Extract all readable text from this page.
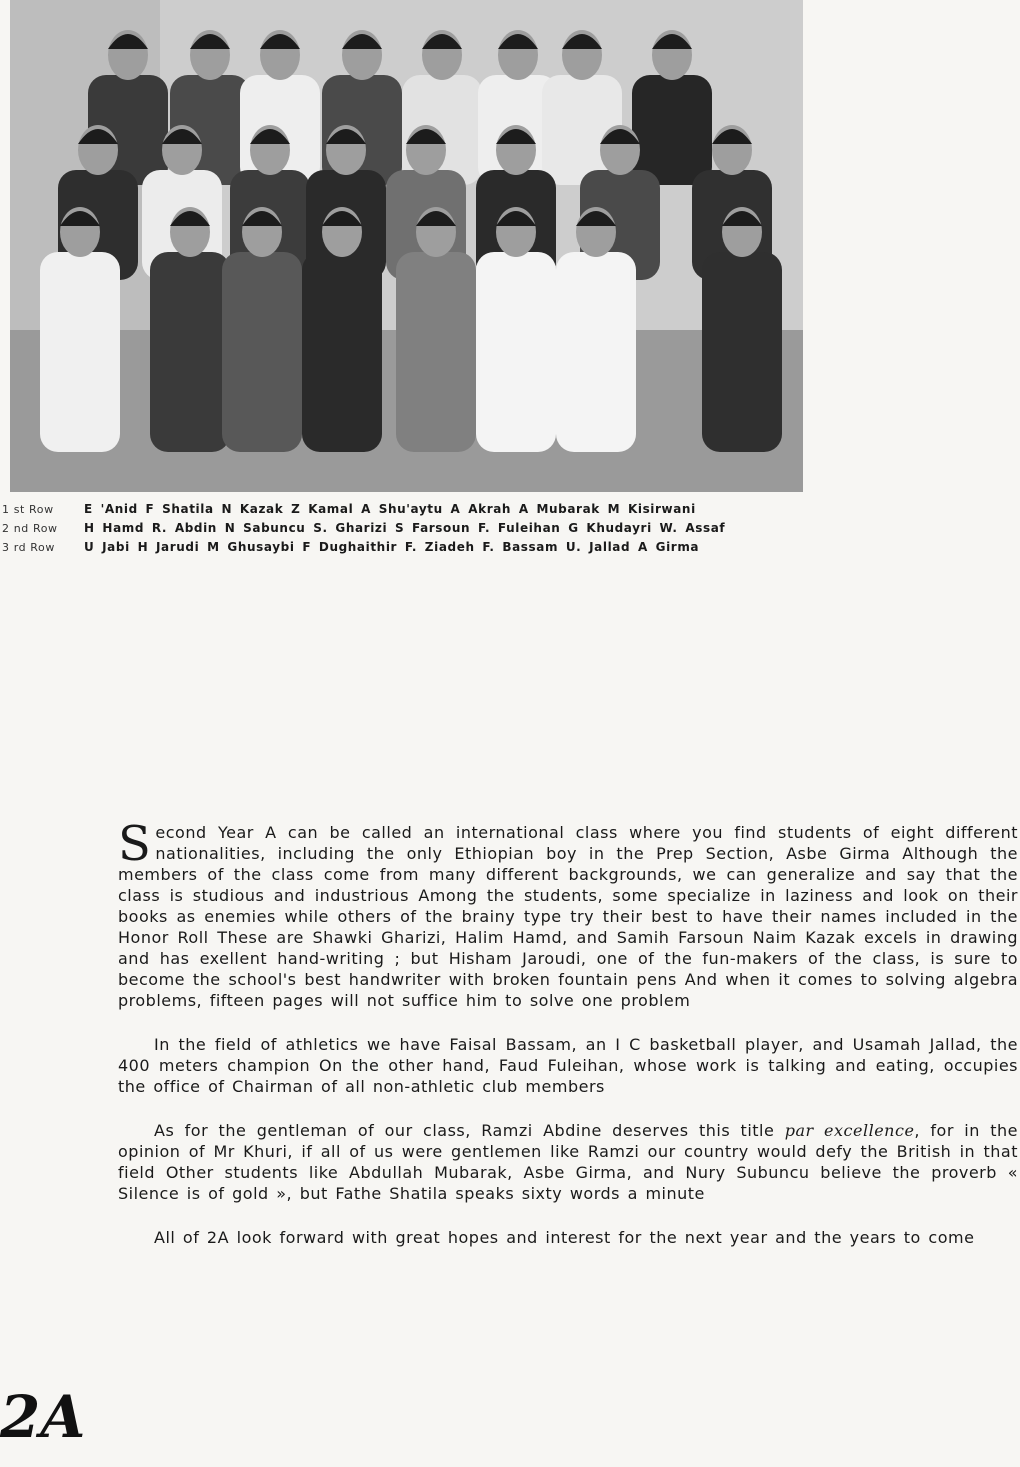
1 st Row	E 'Anid F Shatila N Kazak Z Kamal A Shu'aytu A Akrah A Mubarak M Kisirwani
2 nd Row	H Hamd R. Abdin N Sabuncu S. Gharizi S Farsoun F. Fuleihan G Khudayri W. Assaf
3 rd Row	U Jabi H Jarudi M Ghusaybi F Dughaithir F. Ziadeh F. Bassam U. Jallad A Girma

Second Year A can be called an international class where you find students of eight different nationalities, including the only Ethiopian boy in the Prep Section, Asbe Girma Although the members of the class come from many different backgrounds, we can generalize and say that the class is studious and industrious Among the students, some specialize in laziness and look on their books as enemies while others of the brainy type try their best to have their names included in the Honor Roll These are Shawki Gharizi, Halim Hamd, and Samih Farsoun Naim Kazak excels in drawing and has exellent hand-writing ; but Hisham Jaroudi, one of the fun-makers of the class, is sure to become the school's best handwriter with broken fountain pens And when it comes to solving algebra problems, fifteen pages will not suffice him to solve one problem

In the field of athletics we have Faisal Bassam, an I C basketball player, and Usamah Jallad, the 400 meters champion On the other hand, Faud Fuleihan, whose work is talking and eating, occupies the office of Chairman of all non-athletic club members

As for the gentleman of our class, Ramzi Abdine deserves this title par excellence, for in the opinion of Mr Khuri, if all of us were gentlemen like Ramzi our country would defy the British in that field Other students like Abdullah Mubarak, Asbe Girma, and Nury Subuncu believe the proverb « Silence is of gold », but Fathe Shatila speaks sixty words a minute

All of 2A look forward with great hopes and interest for the next year and the years to come

2A
